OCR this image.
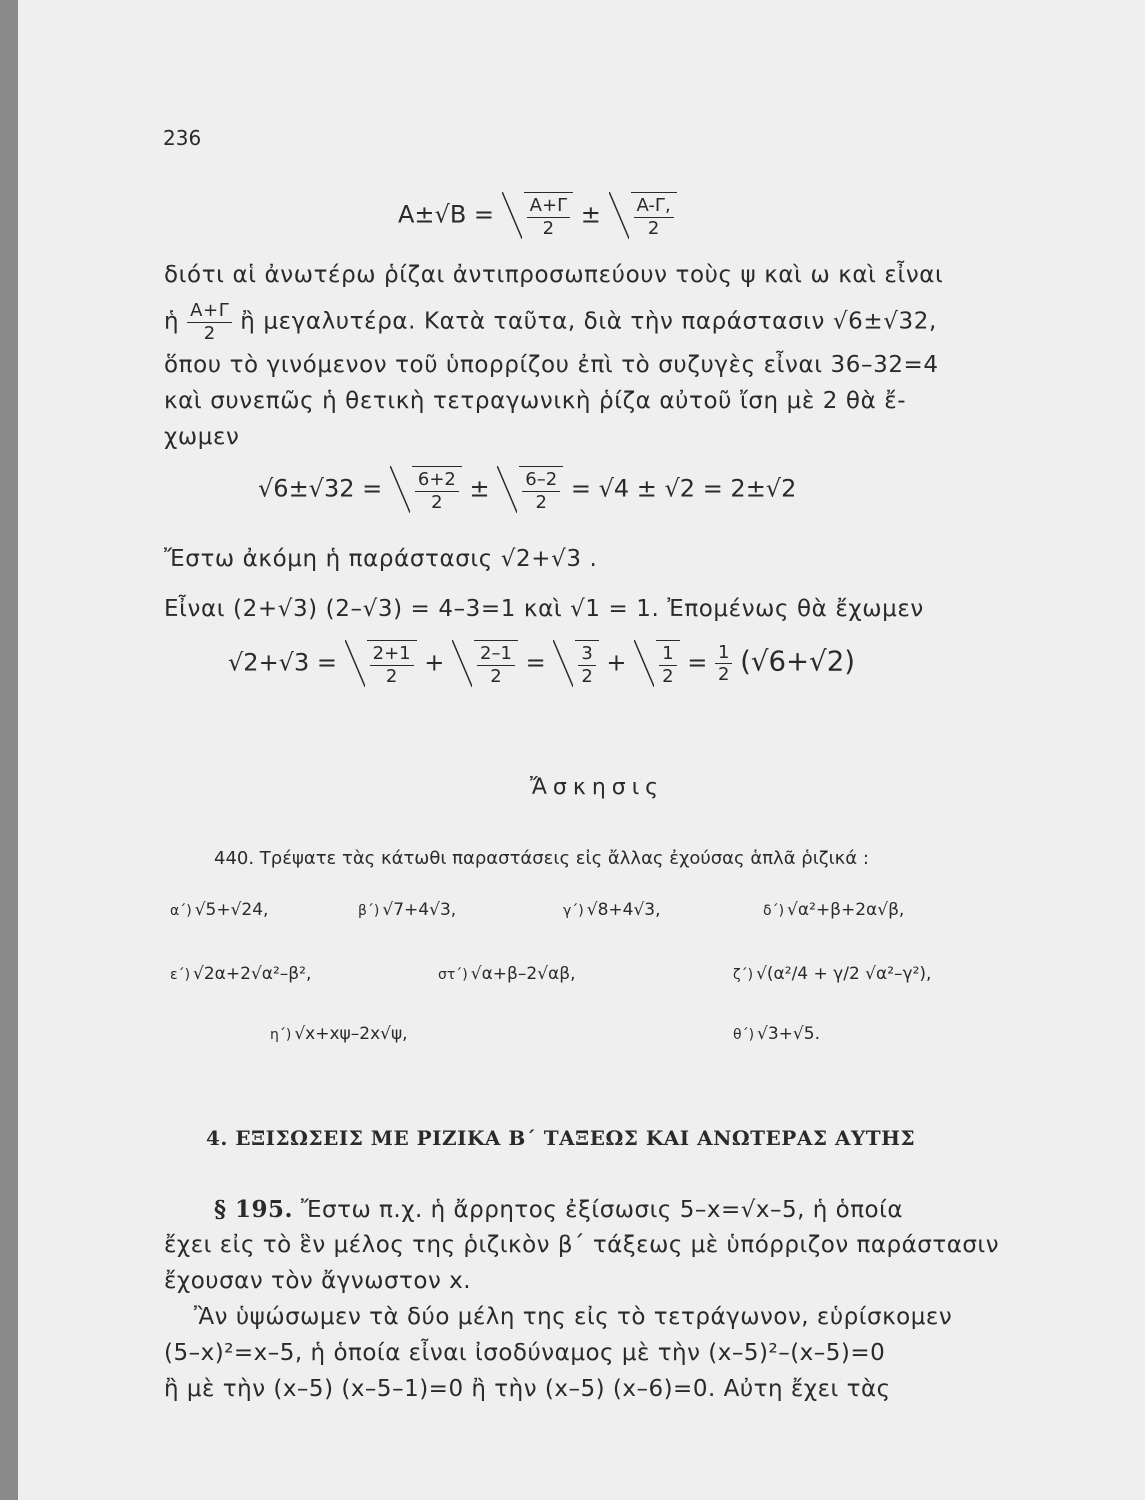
236
$A\pm√B = \frac{A+\Gamma}{2} \pm \frac{A-\Gamma,}{2}$
διότι αἱ ἀνωτέρω ῥίζαι ἀντιπροσωπεύουν τοὺς ψ καὶ ω καὶ εἶναι
ἡ $\frac{A+\Gamma}{2}$ ἢ μεγαλυτέρα. Κατὰ ταῦτα, διὰ τὴν παράστασιν √6±√32,
ὅπου τὸ γινόμενον τοῦ ὑπορρίζου ἐπὶ τὸ συζυγὲς εἶναι 36–32=4
καὶ συνεπῶς ἡ θετικὴ τετραγωνικὴ ῥίζα αὐτοῦ ἴση μὲ 2 θὰ ἔ-
χωμεν
$√6\pm√32 = \frac{6+2}{2} \pm \frac{6-2}{2} = √4 \pm √2 = 2\pm√2$
Ἔστω ἀκόμη ἡ παράστασις √2+√3 .
Εἶναι (2+√3) (2–√3) = 4–3=1 καὶ √1 = 1. Ἐπομένως θὰ ἔχωμεν
$√2+√3 = \frac{2+1}{2} + \frac{2-1}{2} = \frac{3}{2} + \frac{1}{2} = \frac{1}{2} (√6+√2)$
Ἄσκησις
440. Τρέψατε τὰς κάτωθι παραστάσεις εἰς ἄλλας ἐχούσας ἁπλᾶ ῥιζικά :
α΄) √5+√24,	β΄) √7+4√3,	γ΄) √8+4√3,	δ΄) √α²+β+2α√β,
ε΄) √2α+2√α²–β²,	στ΄) √α+β–2√αβ,	ζ΄) √(α²/4 + γ/2 √α²–γ²),
η΄) √x+xψ–2x√ψ,	θ΄) √3+√5.
4. ΕΞΙΣΩΣΕΙΣ ΜΕ ΡΙΖΙΚΑ Β΄ ΤΑΞΕΩΣ ΚΑΙ ΑΝΩΤΕΡΑΣ ΑΥΤΗΣ
§ 195. Ἔστω π.χ. ἡ ἄρρητος ἐξίσωσις 5–x=√x–5, ἡ ὁποία
ἔχει εἰς τὸ ἓν μέλος της ῥιζικὸν β΄ τάξεως μὲ ὑπόρριζον παράστασιν
ἔχουσαν τὸν ἄγνωστον x.
Ἂν ὑψώσωμεν τὰ δύο μέλη της εἰς τὸ τετράγωνον, εὑρίσκομεν
(5–x)²=x–5, ἡ ὁποία εἶναι ἰσοδύναμος μὲ τὴν (x–5)²–(x–5)=0
ἢ μὲ τὴν (x–5) (x–5–1)=0 ἢ τὴν (x–5) (x–6)=0. Αὐτη ἔχει τὰς
